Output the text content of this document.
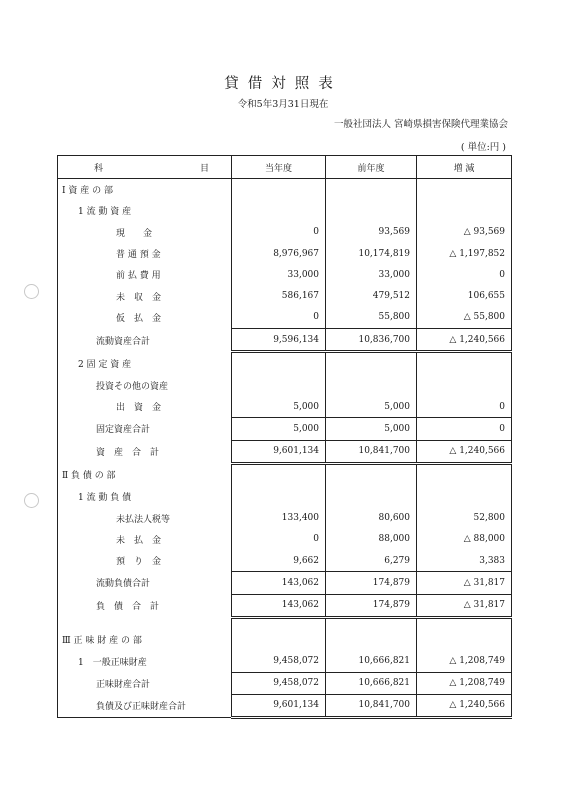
貸借対照表
令和5年3月31日現在
一般社団法人 宮崎県損害保険代理業協会
( 単位:円 )
科 目	当年度	前年度	増 減
Ⅰ 資 産 の 部			
1 流 動 資 産			
現　　金	0	93,569	△ 93,569
普 通 預 金	8,976,967	10,174,819	△ 1,197,852
前 払 費 用	33,000	33,000	0
未　収　金	586,167	479,512	106,655
仮　払　金	0	55,800	△ 55,800
流動資産合計	9,596,134	10,836,700	△ 1,240,566
2 固 定 資 産			
投資その他の資産			
出　資　金	5,000	5,000	0
固定資産合計	5,000	5,000	0
資　産　合　計	9,601,134	10,841,700	△ 1,240,566
Ⅱ 負 債 の 部			
1 流 動 負 債			
未払法人税等	133,400	80,600	52,800
未　払　金	0	88,000	△ 88,000
預　り　金	9,662	6,279	3,383
流動負債合計	143,062	174,879	△ 31,817
負　債　合　計	143,062	174,879	△ 31,817

Ⅲ 正 味 財 産 の 部			
1　一般正味財産	9,458,072	10,666,821	△ 1,208,749
正味財産合計	9,458,072	10,666,821	△ 1,208,749
負債及び正味財産合計	9,601,134	10,841,700	△ 1,240,566
